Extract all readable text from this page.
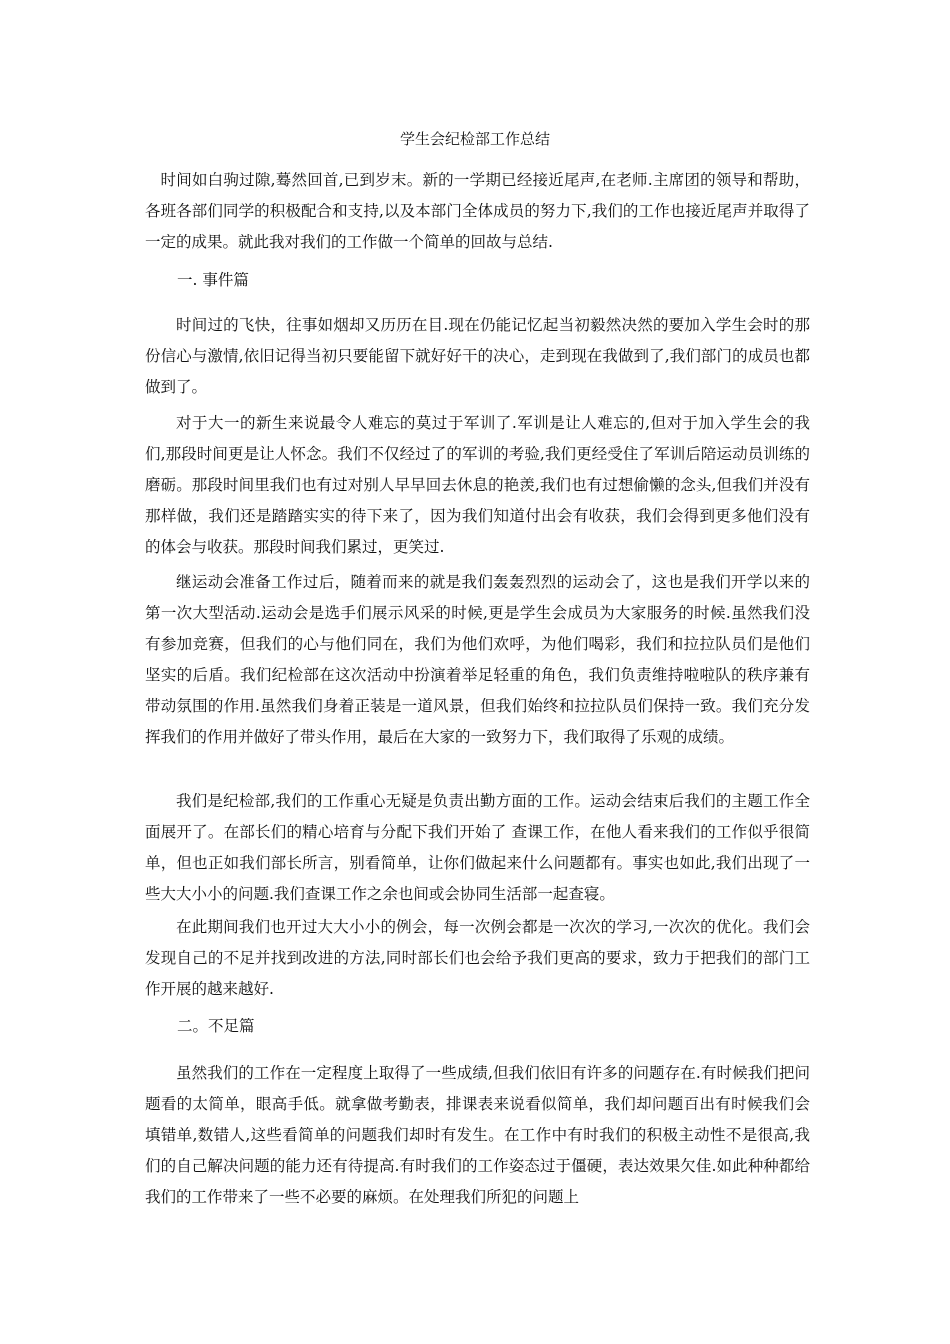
学生会纪检部工作总结

时间如白驹过隙,蓦然回首,已到岁末。新的一学期已经接近尾声,在老师.主席团的领导和帮助，各班各部们同学的积极配合和支持,以及本部门全体成员的努力下,我们的工作也接近尾声并取得了一定的成果。就此我对我们的工作做一个简单的回故与总结.

一. 事件篇

时间过的飞快，往事如烟却又历历在目.现在仍能记忆起当初毅然决然的要加入学生会时的那份信心与激情,依旧记得当初只要能留下就好好干的决心，走到现在我做到了,我们部门的成员也都做到了。

对于大一的新生来说最令人难忘的莫过于军训了.军训是让人难忘的,但对于加入学生会的我们,那段时间更是让人怀念。我们不仅经过了的军训的考验,我们更经受住了军训后陪运动员训练的磨砺。那段时间里我们也有过对别人早早回去休息的艳羡,我们也有过想偷懒的念头,但我们并没有那样做，我们还是踏踏实实的待下来了，因为我们知道付出会有收获，我们会得到更多他们没有的体会与收获。那段时间我们累过，更笑过.

继运动会准备工作过后，随着而来的就是我们轰轰烈烈的运动会了，这也是我们开学以来的第一次大型活动.运动会是选手们展示风采的时候,更是学生会成员为大家服务的时候.虽然我们没有参加竞赛，但我们的心与他们同在，我们为他们欢呼，为他们喝彩，我们和拉拉队员们是他们坚实的后盾。我们纪检部在这次活动中扮演着举足轻重的角色，我们负责维持啦啦队的秩序兼有带动氛围的作用.虽然我们身着正装是一道风景，但我们始终和拉拉队员们保持一致。我们充分发挥我们的作用并做好了带头作用，最后在大家的一致努力下，我们取得了乐观的成绩。

我们是纪检部,我们的工作重心无疑是负责出勤方面的工作。运动会结束后我们的主题工作全面展开了。在部长们的精心培育与分配下我们开始了 查课工作，在他人看来我们的工作似乎很简单，但也正如我们部长所言，别看简单，让你们做起来什么问题都有。事实也如此,我们出现了一些大大小小的问题.我们查课工作之余也间或会协同生活部一起查寝。

在此期间我们也开过大大小小的例会，每一次例会都是一次次的学习,一次次的优化。我们会发现自己的不足并找到改进的方法,同时部长们也会给予我们更高的要求，致力于把我们的部门工作开展的越来越好.

二。不足篇

虽然我们的工作在一定程度上取得了一些成绩,但我们依旧有许多的问题存在.有时候我们把问题看的太简单，眼高手低。就拿做考勤表，排课表来说看似简单，我们却问题百出有时候我们会填错单,数错人,这些看简单的问题我们却时有发生。在工作中有时我们的积极主动性不是很高,我们的自己解决问题的能力还有待提高.有时我们的工作姿态过于僵硬，表达效果欠佳.如此种种都给我们的工作带来了一些不必要的麻烦。在处理我们所犯的问题上
